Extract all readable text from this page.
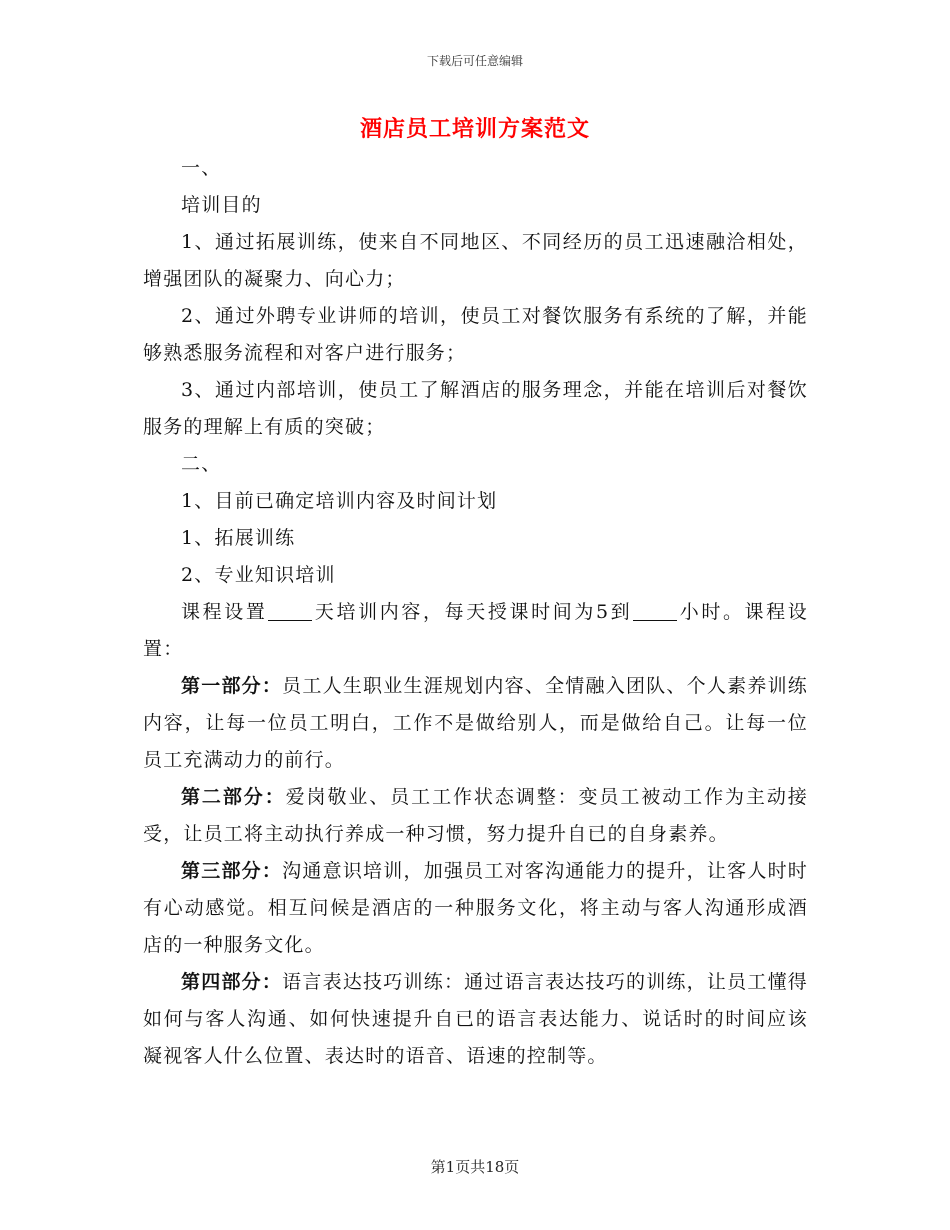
下载后可任意编辑
酒店员工培训方案范文

一、

培训目的

1、通过拓展训练，使来自不同地区、不同经历的员工迅速融洽相处，增强团队的凝聚力、向心力；

2、通过外聘专业讲师的培训，使员工对餐饮服务有系统的了解，并能够熟悉服务流程和对客户进行服务；

3、通过内部培训，使员工了解酒店的服务理念，并能在培训后对餐饮服务的理解上有质的突破；

二、

1、目前已确定培训内容及时间计划

1、拓展训练

2、专业知识培训

课程设置 天培训内容，每天授课时间为5到 小时。课程设置：

第一部分：员工人生职业生涯规划内容、全情融入团队、个人素养训练内容，让每一位员工明白，工作不是做给别人，而是做给自己。让每一位员工充满动力的前行。

第二部分：爱岗敬业、员工工作状态调整：变员工被动工作为主动接受，让员工将主动执行养成一种习惯，努力提升自已的自身素养。

第三部分：沟通意识培训，加强员工对客沟通能力的提升，让客人时时有心动感觉。相互问候是酒店的一种服务文化，将主动与客人沟通形成酒店的一种服务文化。

第四部分：语言表达技巧训练：通过语言表达技巧的训练，让员工懂得如何与客人沟通、如何快速提升自已的语言表达能力、说话时的时间应该凝视客人什么位置、表达时的语音、语速的控制等。

第1页共18页
